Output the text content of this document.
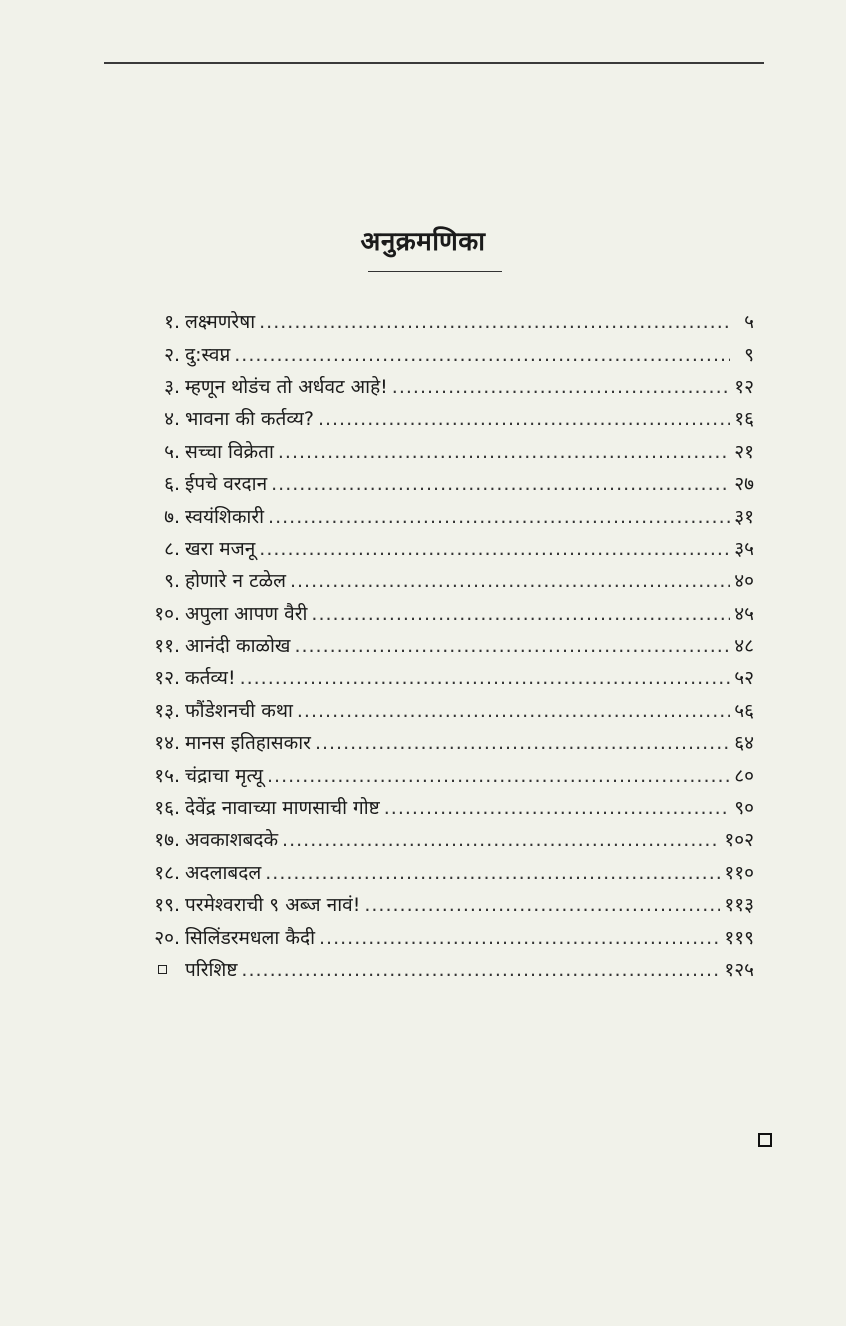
अनुक्रमणिका
१. लक्ष्मणरेषा .....	५
२. दु:स्वप्न .....	९
३. म्हणून थोडंच तो अर्धवट आहे! .....	१२
४. भावना की कर्तव्य? .....	१६
५. सच्चा विक्रेता .....	२१
६. ईपचे वरदान .....	२७
७. स्वयंशिकारी .....	३१
८. खरा मजनू .....	३५
९. होणारे न टळेल .....	४०
१०. अपुला आपण वैरी .....	४५
११. आनंदी काळोख .....	४८
१२. कर्तव्य! .....	५२
१३. फौंडेशनची कथा .....	५६
१४. मानस इतिहासकार .....	६४
१५. चंद्राचा मृत्यू .....	८०
१६. देवेंद्र नावाच्या माणसाची गोष्ट .....	९०
१७. अवकाशबदके .....	१०२
१८. अदलाबदल .....	११०
१९. परमेश्वराची ९ अब्ज नावं! .....	११३
२०. सिलिंडरमधला कैदी .....	११९
परिशिष्ट .....	१२५
